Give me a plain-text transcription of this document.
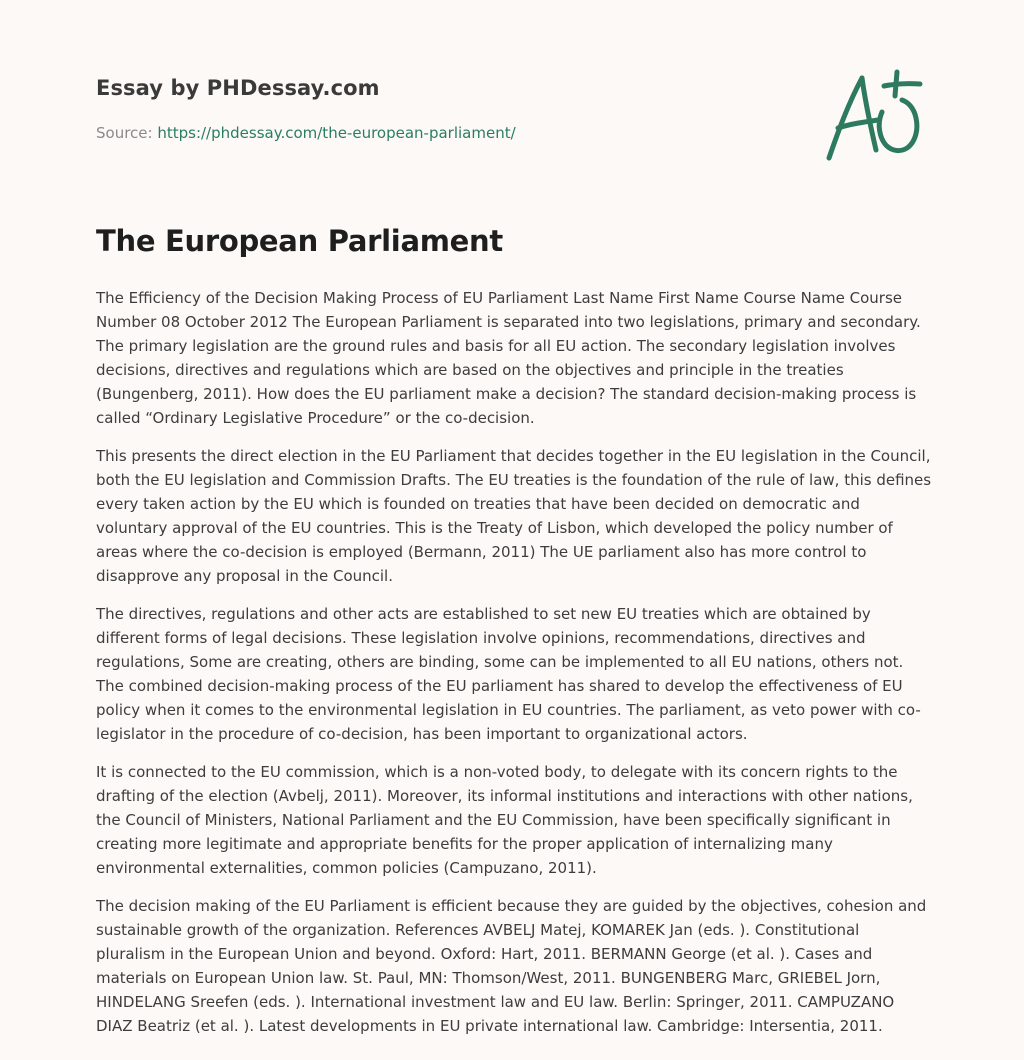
Essay by PHDessay.com

Source: https://phdessay.com/the-european-parliament/

The European Parliament

The Efficiency of the Decision Making Process of EU Parliament Last Name First Name Course Name Course Number 08 October 2012 The European Parliament is separated into two legislations, primary and secondary. The primary legislation are the ground rules and basis for all EU action. The secondary legislation involves decisions, directives and regulations which are based on the objectives and principle in the treaties (Bungenberg, 2011). How does the EU parliament make a decision? The standard decision-making process is called “Ordinary Legislative Procedure” or the co-decision.

This presents the direct election in the EU Parliament that decides together in the EU legislation in the Council, both the EU legislation and Commission Drafts. The EU treaties is the foundation of the rule of law, this defines every taken action by the EU which is founded on treaties that have been decided on democratic and voluntary approval of the EU countries. This is the Treaty of Lisbon, which developed the policy number of areas where the co-decision is employed (Bermann, 2011) The UE parliament also has more control to disapprove any proposal in the Council.

The directives, regulations and other acts are established to set new EU treaties which are obtained by different forms of legal decisions. These legislation involve opinions, recommendations, directives and regulations, Some are creating, others are binding, some can be implemented to all EU nations, others not. The combined decision-making process of the EU parliament has shared to develop the effectiveness of EU policy when it comes to the environmental legislation in EU countries. The parliament, as veto power with co-legislator in the procedure of co-decision, has been important to organizational actors.

It is connected to the EU commission, which is a non-voted body, to delegate with its concern rights to the drafting of the election (Avbelj, 2011). Moreover, its informal institutions and interactions with other nations, the Council of Ministers, National Parliament and the EU Commission, have been specifically significant in creating more legitimate and appropriate benefits for the proper application of internalizing many environmental externalities, common policies (Campuzano, 2011).

The decision making of the EU Parliament is efficient because they are guided by the objectives, cohesion and sustainable growth of the organization. References AVBELJ Matej, KOMAREK Jan (eds. ). Constitutional pluralism in the European Union and beyond. Oxford: Hart, 2011. BERMANN George (et al. ). Cases and materials on European Union law. St. Paul, MN: Thomson/West, 2011. BUNGENBERG Marc, GRIEBEL Jorn, HINDELANG Sreefen (eds. ). International investment law and EU law. Berlin: Springer, 2011. CAMPUZANO DIAZ Beatriz (et al. ). Latest developments in EU private international law. Cambridge: Intersentia, 2011.
